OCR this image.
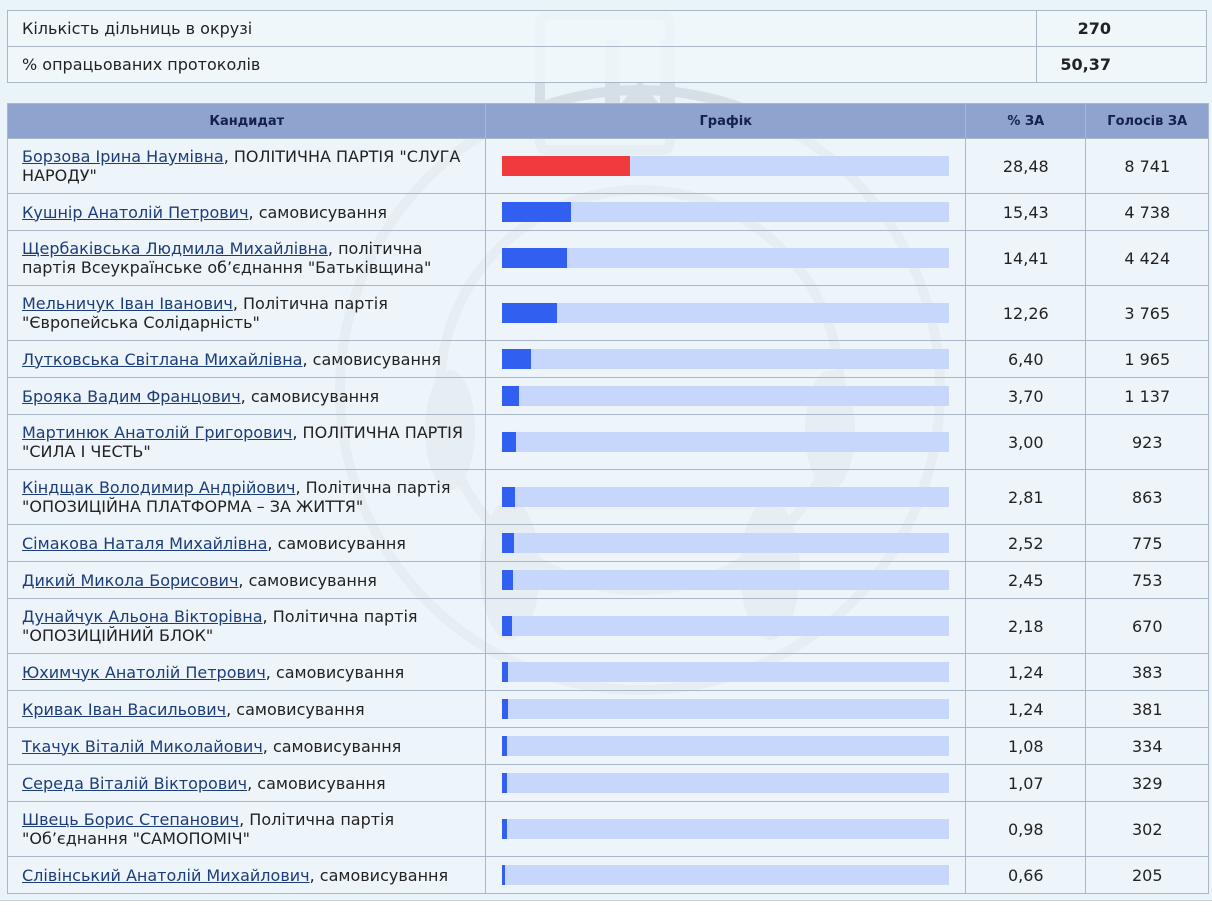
Кількість дільниць в окрузі	270
% опрацьованих протоколів	50,37
Кандидат	Графік	% ЗА	Голосів ЗА
Борзова Ірина Наумівна, ПОЛІТИЧНА ПАРТІЯ "СЛУГА НАРОДУ"		28,48	8 741
Кушнір Анатолій Петрович, самовисування		15,43	4 738
Щербаківська Людмила Михайлівна, політична партія Всеукраїнське об’єднання "Батьківщина"		14,41	4 424
Мельничук Іван Іванович, Політична партія "Європейська Солідарність"		12,26	3 765
Лутковська Світлана Михайлівна, самовисування		6,40	1 965
Брояка Вадим Францович, самовисування		3,70	1 137
Мартинюк Анатолій Григорович, ПОЛІТИЧНА ПАРТІЯ "СИЛА І ЧЕСТЬ"		3,00	923
Кіндщак Володимир Андрійович, Політична партія "ОПОЗИЦІЙНА ПЛАТФОРМА – ЗА ЖИТТЯ"		2,81	863
Сімакова Наталя Михайлівна, самовисування		2,52	775
Дикий Микола Борисович, самовисування		2,45	753
Дунайчук Альона Вікторівна, Політична партія "ОПОЗИЦІЙНИЙ БЛОК"		2,18	670
Юхимчук Анатолій Петрович, самовисування		1,24	383
Кривак Іван Васильович, самовисування		1,24	381
Ткачук Віталій Миколайович, самовисування		1,08	334
Середа Віталій Вікторович, самовисування		1,07	329
Швець Борис Степанович, Політична партія "Об’єднання "САМОПОМІЧ"		0,98	302
Слівінський Анатолій Михайлович, самовисування		0,66	205
